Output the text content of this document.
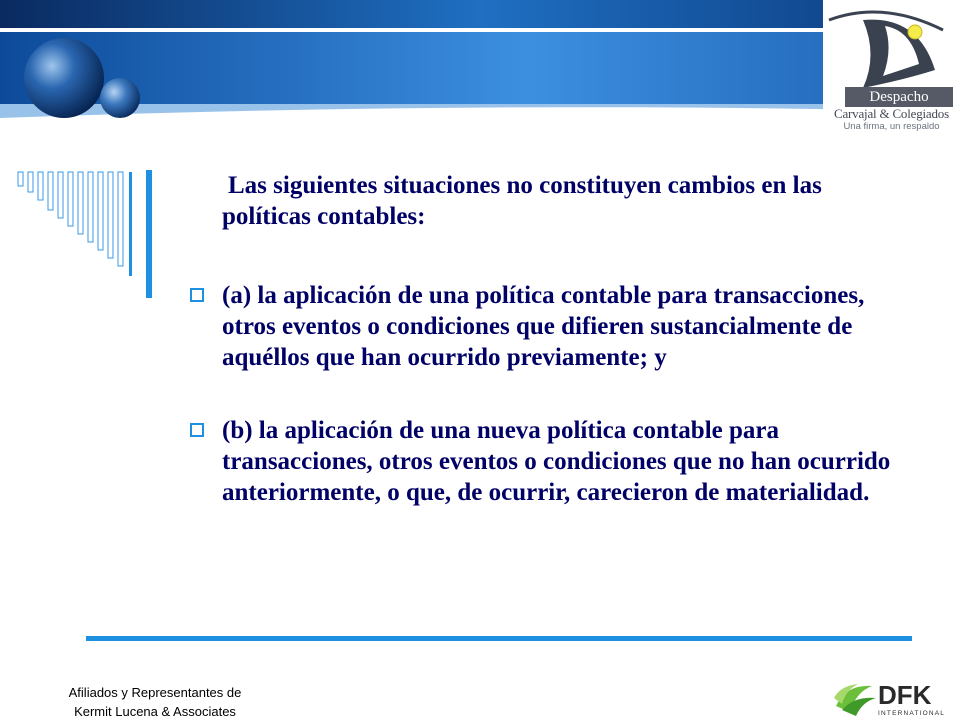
Despacho
Carvajal & Colegiados
Una firma, un respaldo

Las siguientes situaciones no constituyen cambios en las políticas contables:

(a) la aplicación de una política contable para transacciones, otros eventos o condiciones que difieren sustancialmente de aquéllos que han ocurrido previamente; y
(b) la aplicación de una nueva política contable para transacciones, otros eventos o condiciones que no han ocurrido anteriormente, o que, de ocurrir, carecieron de materialidad.
Afiliados y Representantes de
Kermit Lucena & Associates
DFK
INTERNATIONAL
